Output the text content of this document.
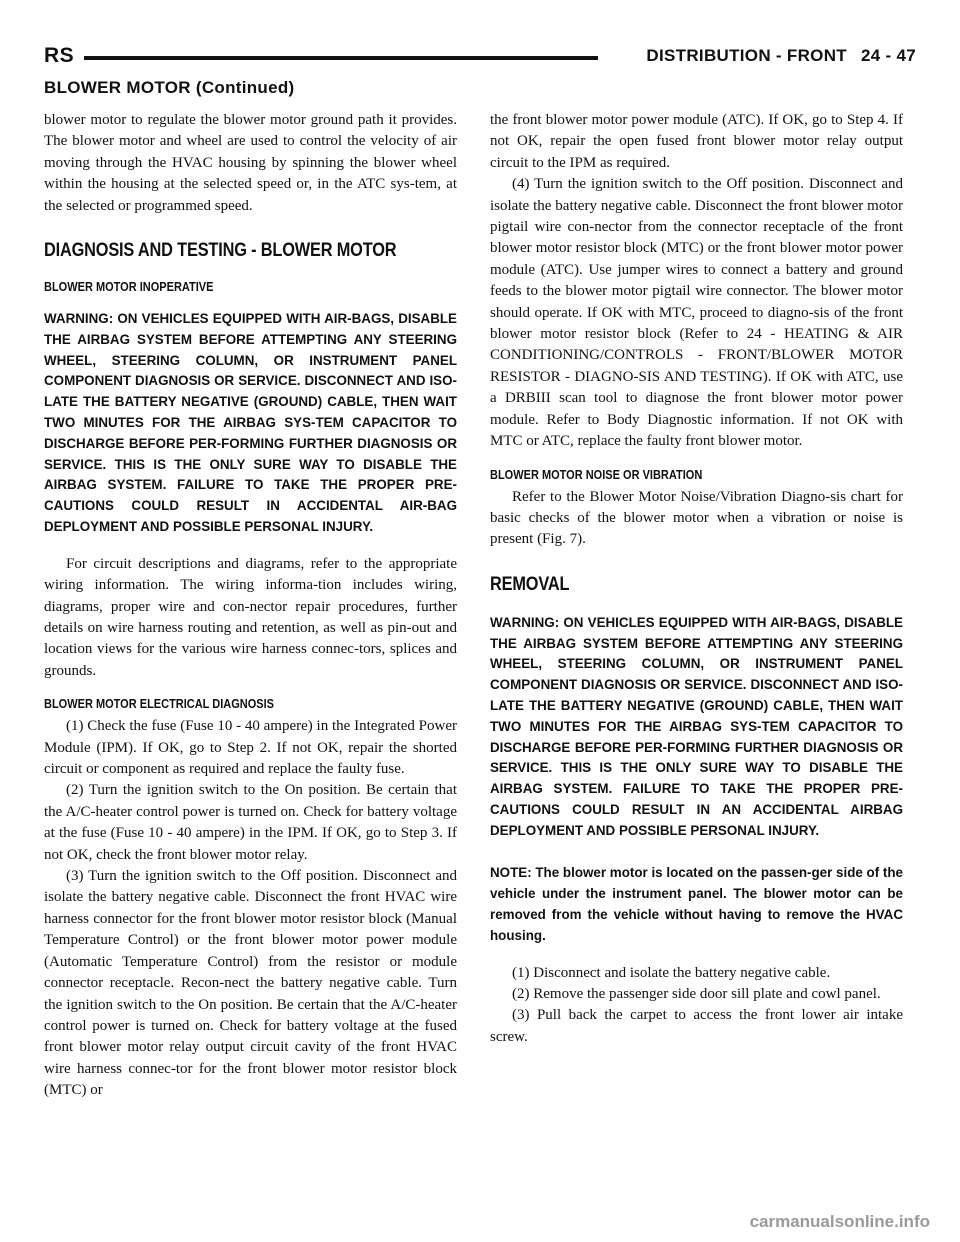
RS	DISTRIBUTION - FRONT 24 - 47
BLOWER MOTOR (Continued)

blower motor to regulate the blower motor ground path it provides. The blower motor and wheel are used to control the velocity of air moving through the HVAC housing by spinning the blower wheel within the housing at the selected speed or, in the ATC sys-tem, at the selected or programmed speed.

DIAGNOSIS AND TESTING - BLOWER MOTOR
BLOWER MOTOR INOPERATIVE

WARNING: ON VEHICLES EQUIPPED WITH AIR-BAGS, DISABLE THE AIRBAG SYSTEM BEFORE ATTEMPTING ANY STEERING WHEEL, STEERING COLUMN, OR INSTRUMENT PANEL COMPONENT DIAGNOSIS OR SERVICE. DISCONNECT AND ISO-LATE THE BATTERY NEGATIVE (GROUND) CABLE, THEN WAIT TWO MINUTES FOR THE AIRBAG SYS-TEM CAPACITOR TO DISCHARGE BEFORE PER-FORMING FURTHER DIAGNOSIS OR SERVICE. THIS IS THE ONLY SURE WAY TO DISABLE THE AIRBAG SYSTEM. FAILURE TO TAKE THE PROPER PRE-CAUTIONS COULD RESULT IN ACCIDENTAL AIR-BAG DEPLOYMENT AND POSSIBLE PERSONAL INJURY.

For circuit descriptions and diagrams, refer to the appropriate wiring information. The wiring informa-tion includes wiring, diagrams, proper wire and con-nector repair procedures, further details on wire harness routing and retention, as well as pin-out and location views for the various wire harness connec-tors, splices and grounds.

BLOWER MOTOR ELECTRICAL DIAGNOSIS

(1) Check the fuse (Fuse 10 - 40 ampere) in the Integrated Power Module (IPM). If OK, go to Step 2. If not OK, repair the shorted circuit or component as required and replace the faulty fuse.

(2) Turn the ignition switch to the On position. Be certain that the A/C-heater control power is turned on. Check for battery voltage at the fuse (Fuse 10 - 40 ampere) in the IPM. If OK, go to Step 3. If not OK, check the front blower motor relay.

(3) Turn the ignition switch to the Off position. Disconnect and isolate the battery negative cable. Disconnect the front HVAC wire harness connector for the front blower motor resistor block (Manual Temperature Control) or the front blower motor power module (Automatic Temperature Control) from the resistor or module connector receptacle. Recon-nect the battery negative cable. Turn the ignition switch to the On position. Be certain that the A/C-heater control power is turned on. Check for battery voltage at the fused front blower motor relay output circuit cavity of the front HVAC wire harness connec-tor for the front blower motor resistor block (MTC) or

the front blower motor power module (ATC). If OK, go to Step 4. If not OK, repair the open fused front blower motor relay output circuit to the IPM as required.

(4) Turn the ignition switch to the Off position. Disconnect and isolate the battery negative cable. Disconnect the front blower motor pigtail wire con-nector from the connector receptacle of the front blower motor resistor block (MTC) or the front blower motor power module (ATC). Use jumper wires to connect a battery and ground feeds to the blower motor pigtail wire connector. The blower motor should operate. If OK with MTC, proceed to diagno-sis of the front blower motor resistor block (Refer to 24 - HEATING & AIR CONDITIONING/CONTROLS - FRONT/BLOWER MOTOR RESISTOR - DIAGNO-SIS AND TESTING). If OK with ATC, use a DRBIII scan tool to diagnose the front blower motor power module. Refer to Body Diagnostic information. If not OK with MTC or ATC, replace the faulty front blower motor.

BLOWER MOTOR NOISE OR VIBRATION

Refer to the Blower Motor Noise/Vibration Diagno-sis chart for basic checks of the blower motor when a vibration or noise is present (Fig. 7).

REMOVAL

WARNING: ON VEHICLES EQUIPPED WITH AIR-BAGS, DISABLE THE AIRBAG SYSTEM BEFORE ATTEMPTING ANY STEERING WHEEL, STEERING COLUMN, OR INSTRUMENT PANEL COMPONENT DIAGNOSIS OR SERVICE. DISCONNECT AND ISO-LATE THE BATTERY NEGATIVE (GROUND) CABLE, THEN WAIT TWO MINUTES FOR THE AIRBAG SYS-TEM CAPACITOR TO DISCHARGE BEFORE PER-FORMING FURTHER DIAGNOSIS OR SERVICE. THIS IS THE ONLY SURE WAY TO DISABLE THE AIRBAG SYSTEM. FAILURE TO TAKE THE PROPER PRE-CAUTIONS COULD RESULT IN AN ACCIDENTAL AIRBAG DEPLOYMENT AND POSSIBLE PERSONAL INJURY.

NOTE: The blower motor is located on the passen-ger side of the vehicle under the instrument panel. The blower motor can be removed from the vehicle without having to remove the HVAC housing.

(1) Disconnect and isolate the battery negative cable.

(2) Remove the passenger side door sill plate and cowl panel.

(3) Pull back the carpet to access the front lower air intake screw.

carmanualsonline.info
